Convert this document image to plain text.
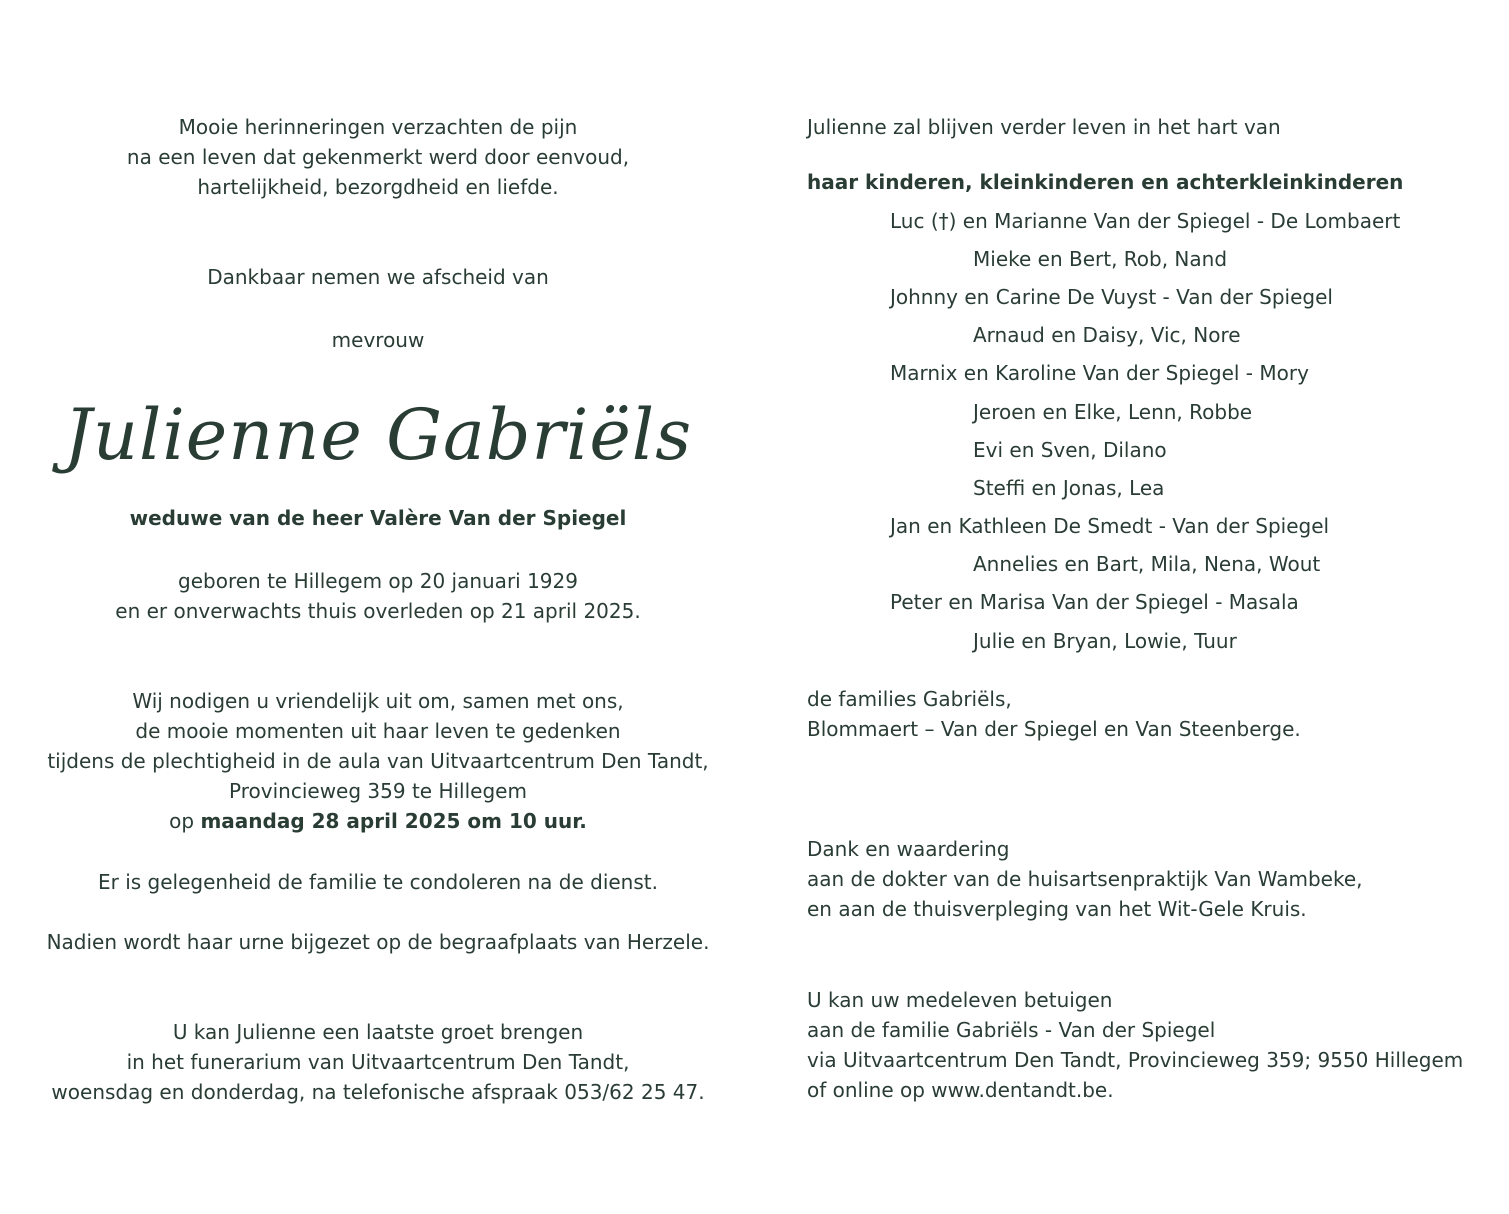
Mooie herinneringen verzachten de pijn

na een leven dat gekenmerkt werd door eenvoud,

hartelijkheid, bezorgdheid en liefde.

Dankbaar nemen we afscheid van

mevrouw

Julienne Gabriëls

weduwe van de heer Valère Van der Spiegel

geboren te Hillegem op 20 januari 1929

en er onverwachts thuis overleden op 21 april 2025.

Wij nodigen u vriendelijk uit om, samen met ons,

de mooie momenten uit haar leven te gedenken

tijdens de plechtigheid in de aula van Uitvaartcentrum Den Tandt,

Provincieweg 359 te Hillegem

op maandag 28 april 2025 om 10 uur.

Er is gelegenheid de familie te condoleren na de dienst.

Nadien wordt haar urne bijgezet op de begraafplaats van Herzele.

U kan Julienne een laatste groet brengen

in het funerarium van Uitvaartcentrum Den Tandt,

woensdag en donderdag, na telefonische afspraak 053/62 25 47.

Julienne zal blijven verder leven in het hart van

haar kinderen, kleinkinderen en achterkleinkinderen

Luc (†) en Marianne Van der Spiegel - De Lombaert

Mieke en Bert, Rob, Nand

Johnny en Carine De Vuyst - Van der Spiegel

Arnaud en Daisy, Vic, Nore

Marnix en Karoline Van der Spiegel - Mory

Jeroen en Elke, Lenn, Robbe

Evi en Sven, Dilano

Steffi en Jonas, Lea

Jan en Kathleen De Smedt - Van der Spiegel

Annelies en Bart, Mila, Nena, Wout

Peter en Marisa Van der Spiegel - Masala

Julie en Bryan, Lowie, Tuur

de families Gabriëls,

Blommaert – Van der Spiegel en Van Steenberge.

Dank en waardering

aan de dokter van de huisartsenpraktijk Van Wambeke,

en aan de thuisverpleging van het Wit-Gele Kruis.

U kan uw medeleven betuigen

aan de familie Gabriëls - Van der Spiegel

via Uitvaartcentrum Den Tandt, Provincieweg 359; 9550 Hillegem

of online op www.dentandt.be.
